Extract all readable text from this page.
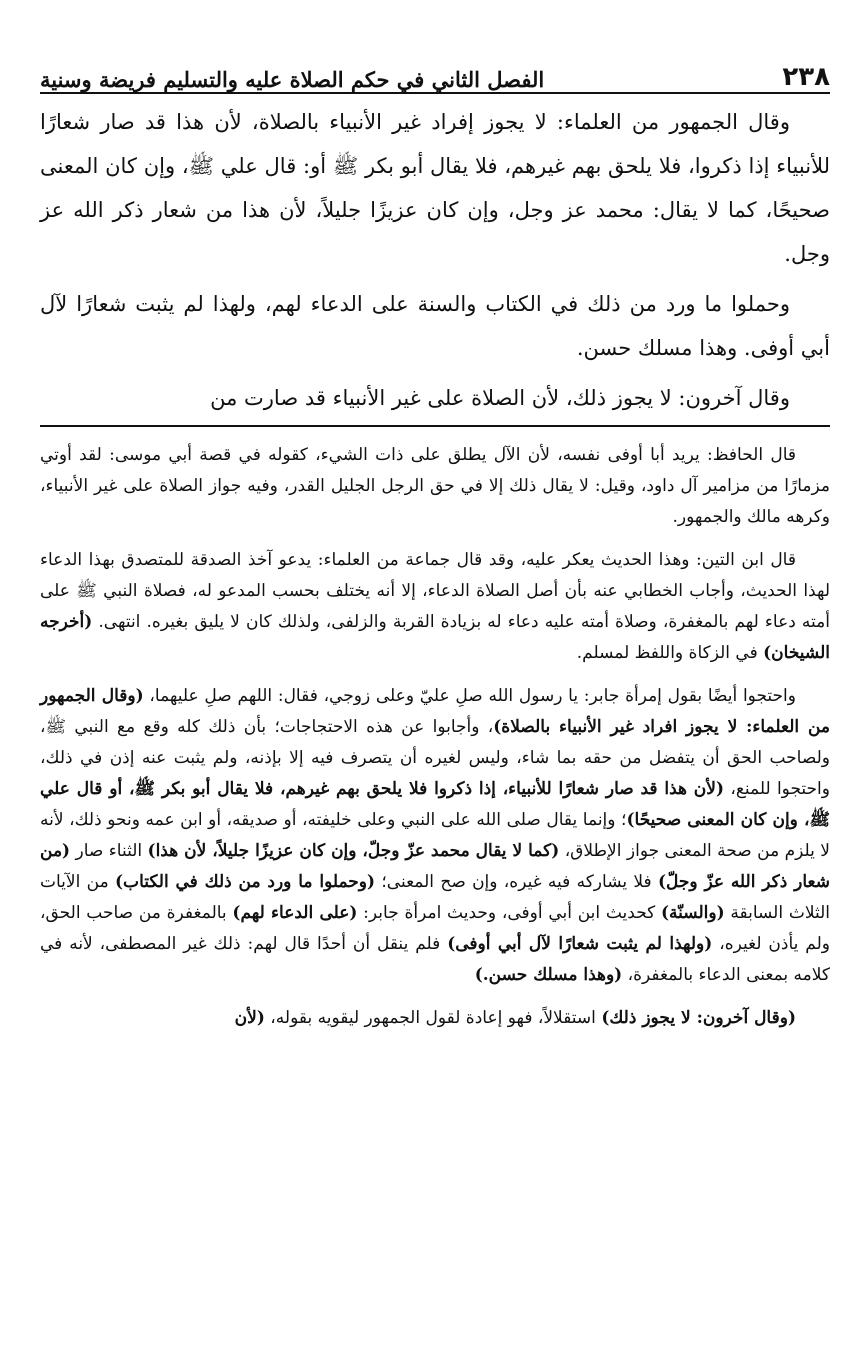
٢٣٨
الفصل الثاني في حكم الصلاة عليه والتسليم فريضة وسنية

وقال الجمهور من العلماء: لا يجوز إفراد غير الأنبياء بالصلاة، لأن هذا قد صار شعارًا للأنبياء إذا ذكروا، فلا يلحق بهم غيرهم، فلا يقال أبو بكر ﷺ أو: قال علي ﷺ، وإن كان المعنى صحيحًا، كما لا يقال: محمد عز وجل، وإن كان عزيزًا جليلاً، لأن هذا من شعار ذكر الله عز وجل.

وحملوا ما ورد من ذلك في الكتاب والسنة على الدعاء لهم، ولهذا لم يثبت شعارًا لآل أبي أوفى. وهذا مسلك حسن.

وقال آخرون: لا يجوز ذلك، لأن الصلاة على غير الأنبياء قد صارت من

قال الحافظ: يريد أبا أوفى نفسه، لأن الآل يطلق على ذات الشيء، كقوله في قصة أبي موسى: لقد أوتي مزمارًا من مزامير آل داود، وقيل: لا يقال ذلك إلا في حق الرجل الجليل القدر، وفيه جواز الصلاة على غير الأنبياء، وكرهه مالك والجمهور.

قال ابن التين: وهذا الحديث يعكر عليه، وقد قال جماعة من العلماء: يدعو آخذ الصدقة للمتصدق بهذا الدعاء لهذا الحديث، وأجاب الخطابي عنه بأن أصل الصلاة الدعاء، إلا أنه يختلف بحسب المدعو له، فصلاة النبي ﷺ على أمته دعاء لهم بالمغفرة، وصلاة أمته عليه دعاء له بزيادة القربة والزلفى، ولذلك كان لا يليق بغيره. انتهى. (أخرجه الشيخان) في الزكاة واللفظ لمسلم.

واحتجوا أيضًا بقول إمرأة جابر: يا رسول الله صلِ عليّ وعلى زوجي، فقال: اللهم صلِ عليهما، (وقال الجمهور من العلماء: لا يجوز افراد غير الأنبياء بالصلاة)، وأجابوا عن هذه الاحتجاجات؛ بأن ذلك كله وقع مع النبي ﷺ، ولصاحب الحق أن يتفضل من حقه بما شاء، وليس لغيره أن يتصرف فيه إلا بإذنه، ولم يثبت عنه إذن في ذلك، واحتجوا للمنع، (لأن هذا قد صار شعارًا للأنبياء، إذا ذكروا فلا يلحق بهم غيرهم، فلا يقال أبو بكر ﷺ، أو قال علي ﷺ، وإن كان المعنى صحيحًا)؛ وإنما يقال صلى الله على النبي وعلى خليفته، أو صديقه، أو ابن عمه ونحو ذلك، لأنه لا يلزم من صحة المعنى جواز الإطلاق، (كما لا يقال محمد عزّ وجلّ، وإن كان عزيزًا جليلاً، لأن هذا) الثناء صار (من شعار ذكر الله عزّ وجلّ) فلا يشاركه فيه غيره، وإن صح المعنى؛ (وحملوا ما ورد من ذلك في الكتاب) من الآيات الثلاث السابقة (والسنّة) كحديث ابن أبي أوفى، وحديث امرأة جابر: (على الدعاء لهم) بالمغفرة من صاحب الحق، ولم يأذن لغيره، (ولهذا لم يثبت شعارًا لآل أبي أوفى) فلم ينقل أن أحدًا قال لهم: ذلك غير المصطفى، لأنه في كلامه بمعنى الدعاء بالمغفرة، (وهذا مسلك حسن.)

(وقال آخرون: لا يجوز ذلك) استقلالاً، فهو إعادة لقول الجمهور ليقويه بقوله، (لأن
